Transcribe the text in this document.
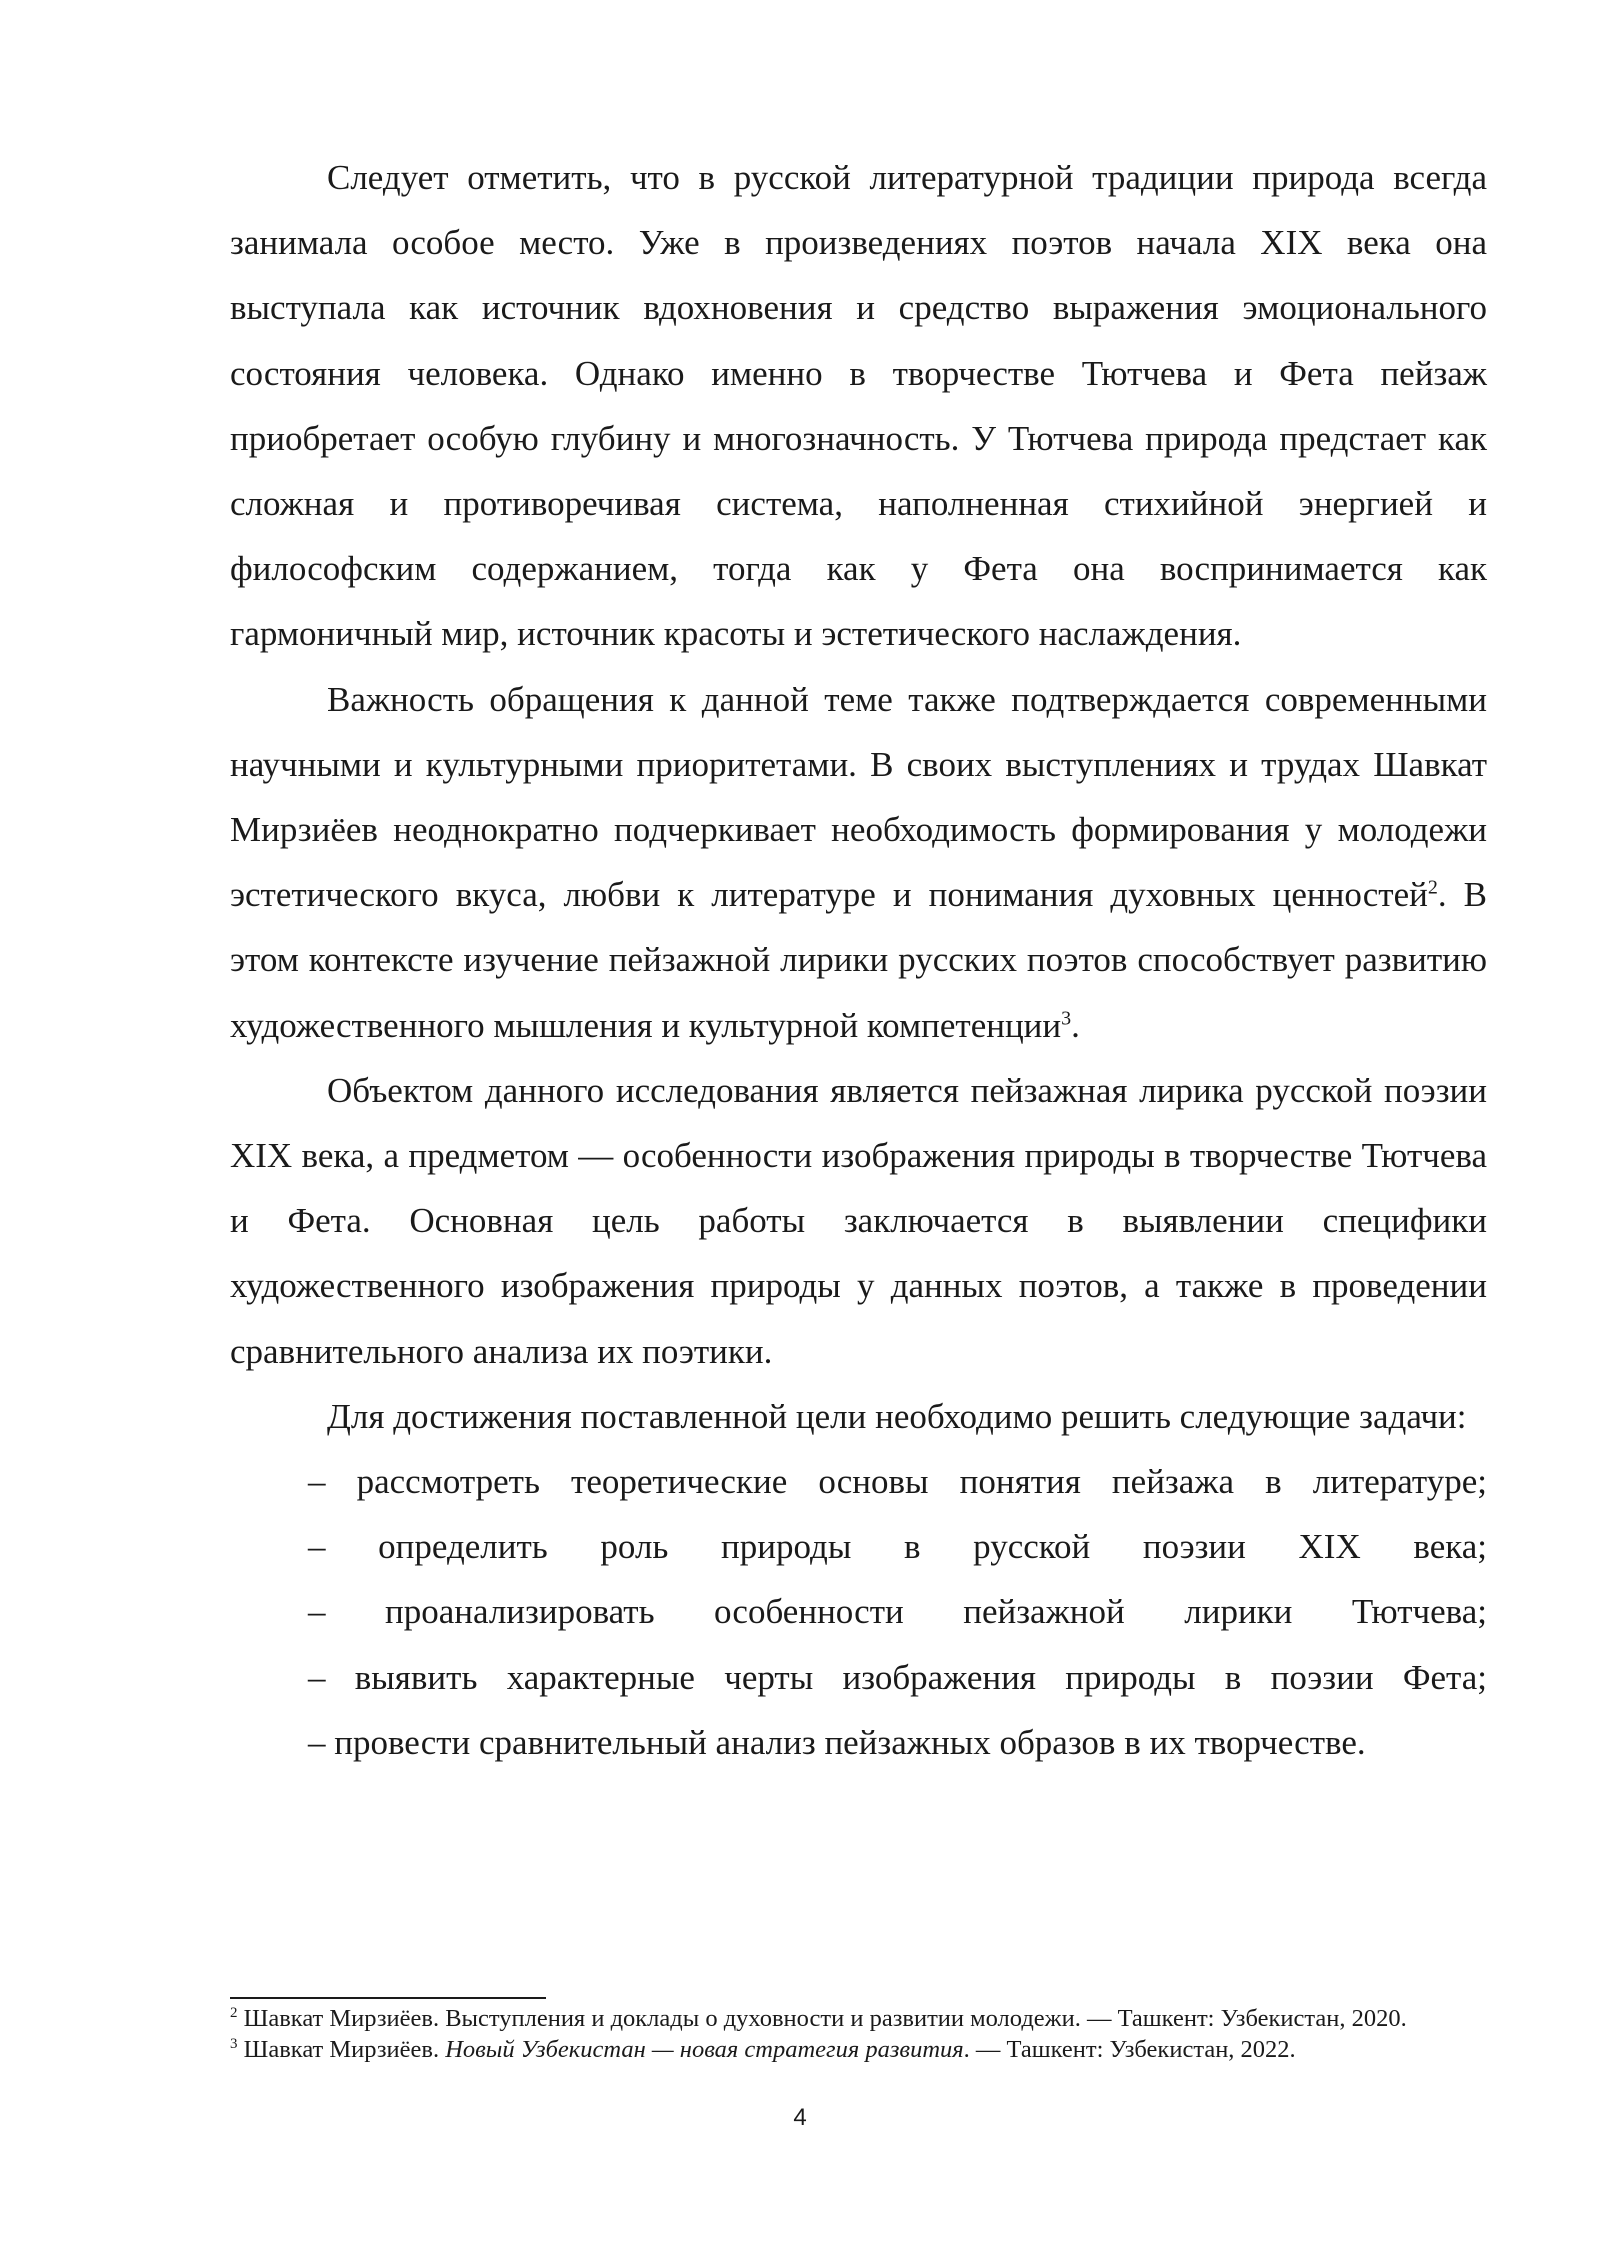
Следует отметить, что в русской литературной традиции природа всегда занимала особое место. Уже в произведениях поэтов начала XIX века она выступала как источник вдохновения и средство выражения эмоционального состояния человека. Однако именно в творчестве Тютчева и Фета пейзаж приобретает особую глубину и многозначность. У Тютчева природа предстает как сложная и противоречивая система, наполненная стихийной энергией и философским содержанием, тогда как у Фета она воспринимается как гармоничный мир, источник красоты и эстетического наслаждения.

Важность обращения к данной теме также подтверждается современными научными и культурными приоритетами. В своих выступлениях и трудах Шавкат Мирзиёев неоднократно подчеркивает необходимость формирования у молодежи эстетического вкуса, любви к литературе и понимания духовных ценностей$^2$. В этом контексте изучение пейзажной лирики русских поэтов способствует развитию художественного мышления и культурной компетенции$^3$.

Объектом данного исследования является пейзажная лирика русской поэзии XIX века, а предметом — особенности изображения природы в творчестве Тютчева и Фета. Основная цель работы заключается в выявлении специфики художественного изображения природы у данных поэтов, а также в проведении сравнительного анализа их поэтики.

Для достижения поставленной цели необходимо решить следующие задачи:

– рассмотреть теоретические основы понятия пейзажа в литературе;
– определить роль природы в русской поэзии XIX века;
– проанализировать особенности пейзажной лирики Тютчева;
– выявить характерные черты изображения природы в поэзии Фета;
– провести сравнительный анализ пейзажных образов в их творчестве.

$^2$ Шавкат Мирзиёев. Выступления и доклады о духовности и развитии молодежи. — Ташкент: Узбекистан, 2020.

$^3$ Шавкат Мирзиёев. Новый Узбекистан — новая стратегия развития. — Ташкент: Узбекистан, 2022.

4
